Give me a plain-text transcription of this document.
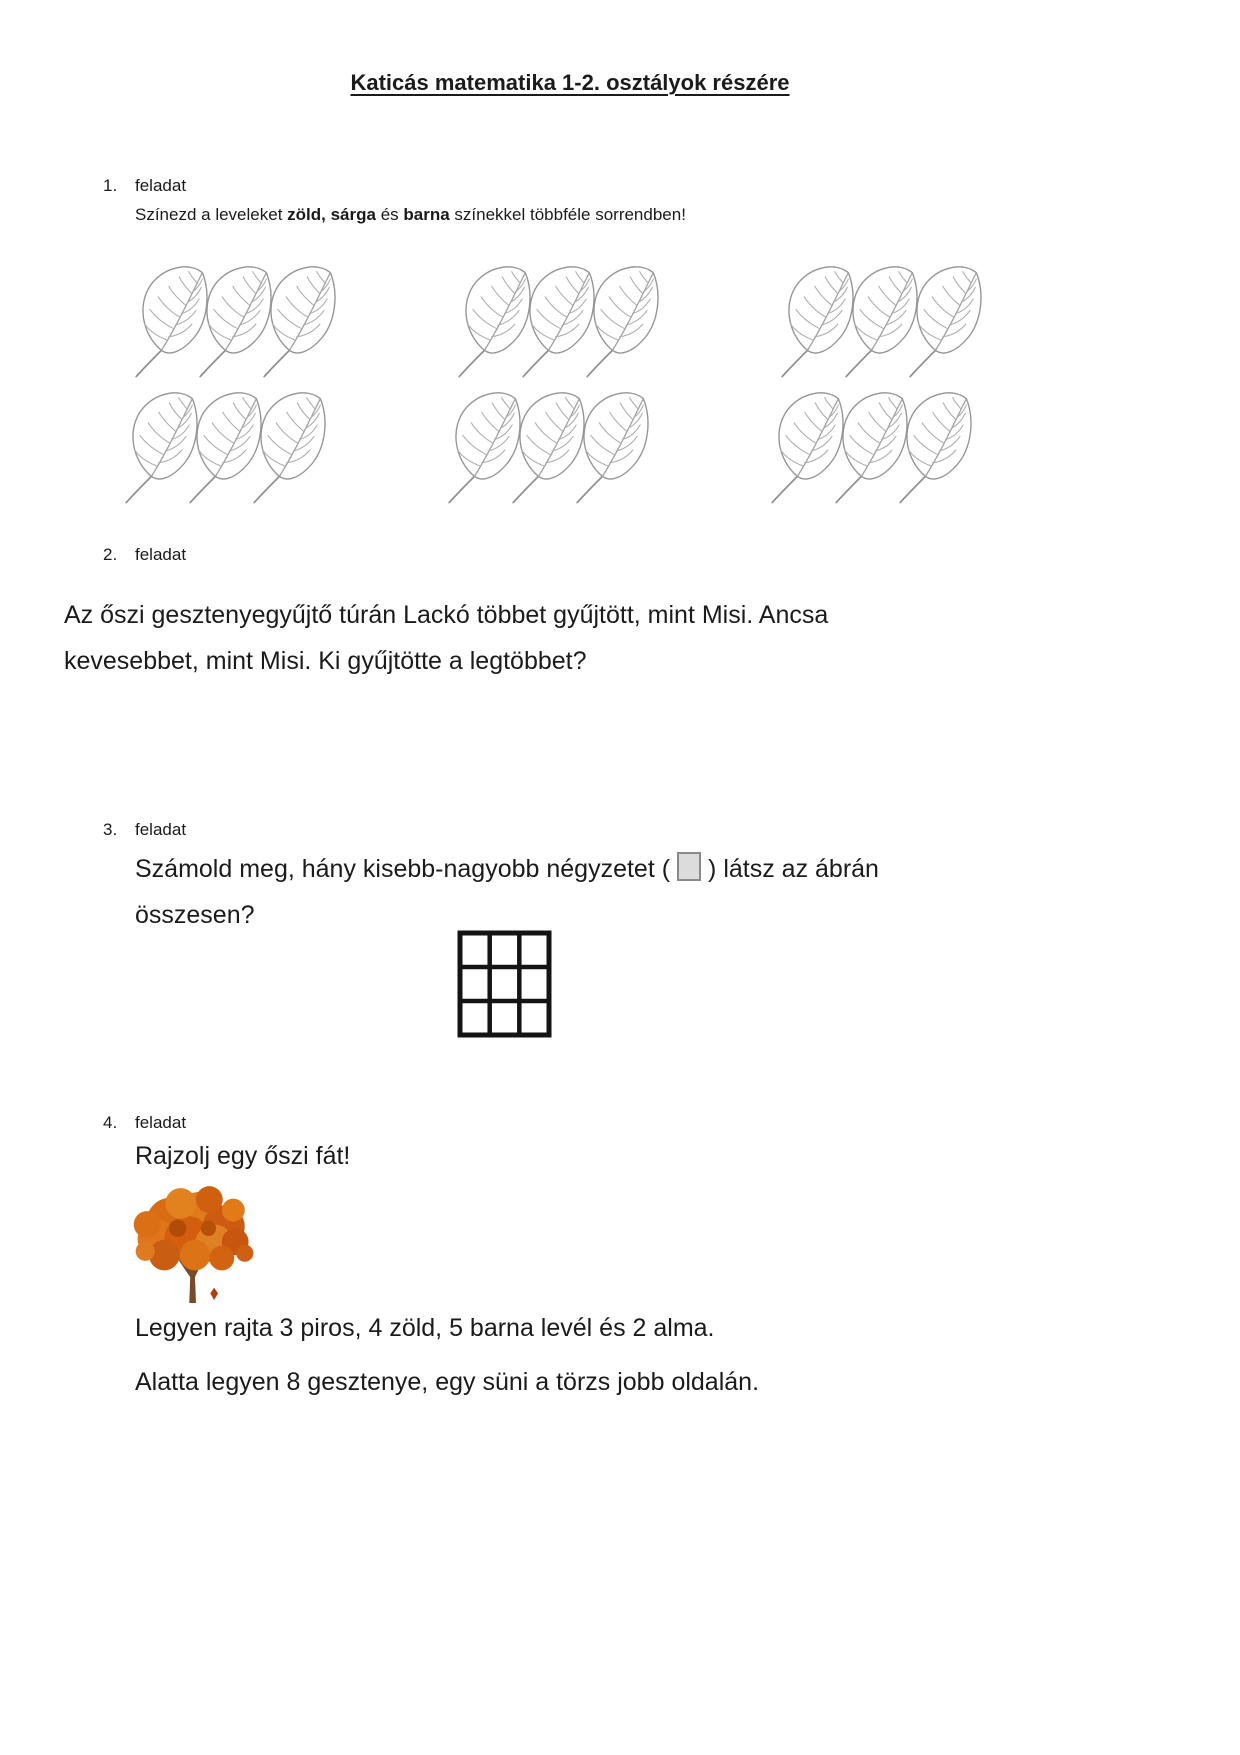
Katicás matematika 1-2. osztályok részére
1. feladat
Színezd a leveleket zöld, sárga és barna színekkel többféle sorrendben!
2. feladat
Az őszi gesztenyegyűjtő túrán Lackó többet gyűjtött, mint Misi. Ancsa
kevesebbet, mint Misi. Ki gyűjtötte a legtöbbet?
3. feladat
Számold meg, hány kisebb-nagyobb négyzetet ( ) látsz az ábrán
összesen?
4. feladat
Rajzolj egy őszi fát!
Legyen rajta 3 piros, 4 zöld, 5 barna levél és 2 alma.
Alatta legyen 8 gesztenye, egy süni a törzs jobb oldalán.
